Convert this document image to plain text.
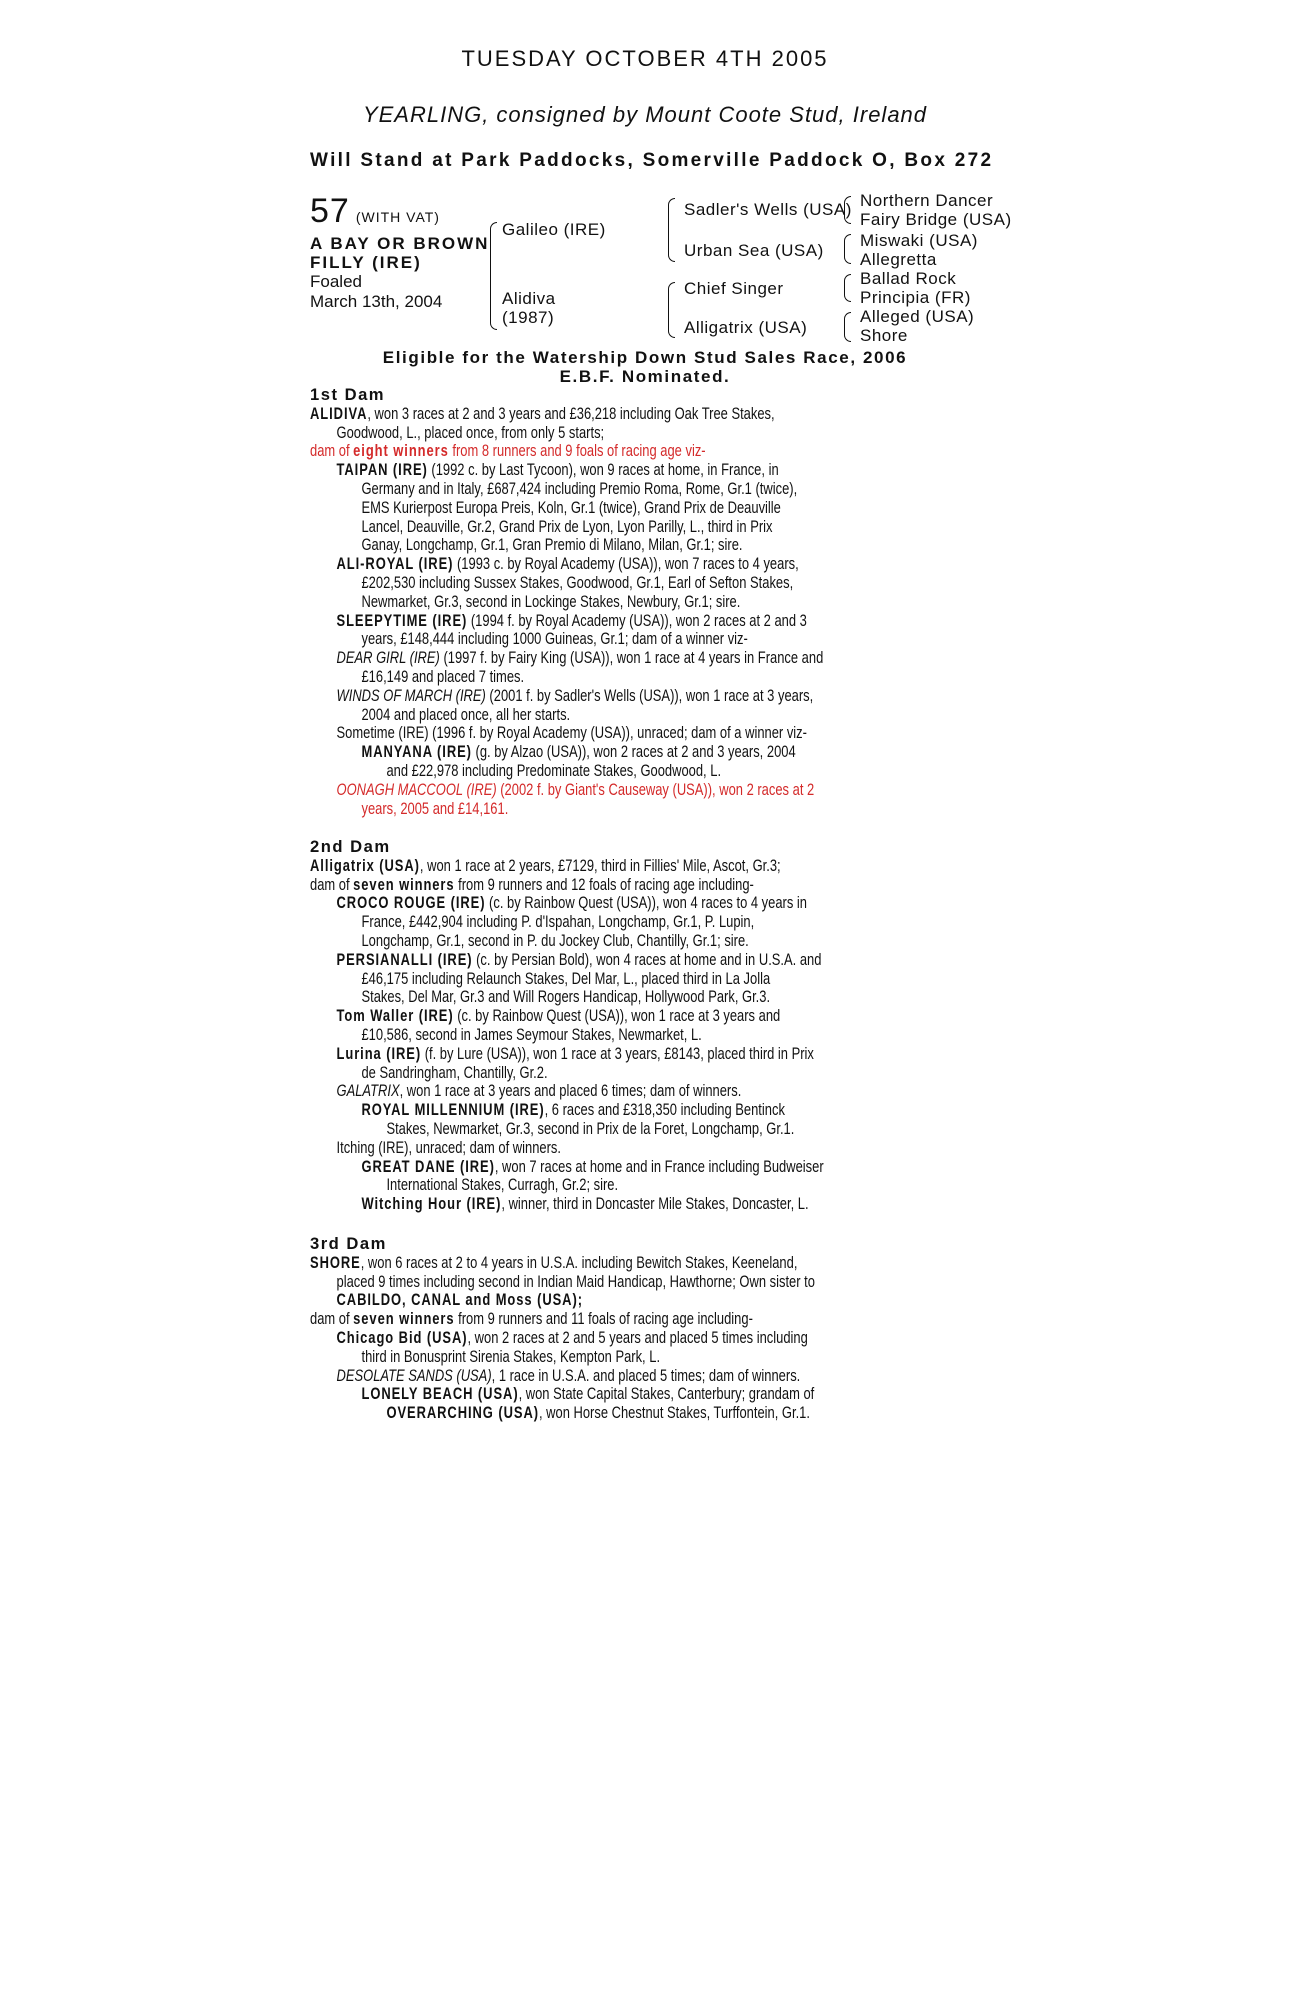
TUESDAY OCTOBER 4TH 2005
YEARLING, consigned by Mount Coote Stud, Ireland
Will Stand at Park Paddocks, Somerville Paddock O, Box 272
57 (WITH VAT)
A BAY OR BROWN
FILLY (IRE)
Foaled
March 13th, 2004
Galileo (IRE)
Alidiva
(1987)
Sadler's Wells (USA)
Urban Sea (USA)
Chief Singer
Alligatrix (USA)
Northern Dancer
Fairy Bridge (USA)
Miswaki (USA)
Allegretta
Ballad Rock
Principia (FR)
Alleged (USA)
Shore
Eligible for the Watership Down Stud Sales Race, 2006
E.B.F. Nominated.
1st Dam
ALIDIVA, won 3 races at 2 and 3 years and £36,218 including Oak Tree Stakes,
Goodwood, L., placed once, from only 5 starts;
dam of eight winners from 8 runners and 9 foals of racing age viz-
TAIPAN (IRE) (1992 c. by Last Tycoon), won 9 races at home, in France, in
Germany and in Italy, £687,424 including Premio Roma, Rome, Gr.1 (twice),
EMS Kurierpost Europa Preis, Koln, Gr.1 (twice), Grand Prix de Deauville
Lancel, Deauville, Gr.2, Grand Prix de Lyon, Lyon Parilly, L., third in Prix
Ganay, Longchamp, Gr.1, Gran Premio di Milano, Milan, Gr.1; sire.
ALI-ROYAL (IRE) (1993 c. by Royal Academy (USA)), won 7 races to 4 years,
£202,530 including Sussex Stakes, Goodwood, Gr.1, Earl of Sefton Stakes,
Newmarket, Gr.3, second in Lockinge Stakes, Newbury, Gr.1; sire.
SLEEPYTIME (IRE) (1994 f. by Royal Academy (USA)), won 2 races at 2 and 3
years, £148,444 including 1000 Guineas, Gr.1; dam of a winner viz-
DEAR GIRL (IRE) (1997 f. by Fairy King (USA)), won 1 race at 4 years in France and
£16,149 and placed 7 times.
WINDS OF MARCH (IRE) (2001 f. by Sadler's Wells (USA)), won 1 race at 3 years,
2004 and placed once, all her starts.
Sometime (IRE) (1996 f. by Royal Academy (USA)), unraced; dam of a winner viz-
MANYANA (IRE) (g. by Alzao (USA)), won 2 races at 2 and 3 years, 2004
and £22,978 including Predominate Stakes, Goodwood, L.
OONAGH MACCOOL (IRE) (2002 f. by Giant's Causeway (USA)), won 2 races at 2
years, 2005 and £14,161.
2nd Dam
Alligatrix (USA), won 1 race at 2 years, £7129, third in Fillies' Mile, Ascot, Gr.3;
dam of seven winners from 9 runners and 12 foals of racing age including-
CROCO ROUGE (IRE) (c. by Rainbow Quest (USA)), won 4 races to 4 years in
France, £442,904 including P. d'Ispahan, Longchamp, Gr.1, P. Lupin,
Longchamp, Gr.1, second in P. du Jockey Club, Chantilly, Gr.1; sire.
PERSIANALLI (IRE) (c. by Persian Bold), won 4 races at home and in U.S.A. and
£46,175 including Relaunch Stakes, Del Mar, L., placed third in La Jolla
Stakes, Del Mar, Gr.3 and Will Rogers Handicap, Hollywood Park, Gr.3.
Tom Waller (IRE) (c. by Rainbow Quest (USA)), won 1 race at 3 years and
£10,586, second in James Seymour Stakes, Newmarket, L.
Lurina (IRE) (f. by Lure (USA)), won 1 race at 3 years, £8143, placed third in Prix
de Sandringham, Chantilly, Gr.2.
GALATRIX, won 1 race at 3 years and placed 6 times; dam of winners.
ROYAL MILLENNIUM (IRE), 6 races and £318,350 including Bentinck
Stakes, Newmarket, Gr.3, second in Prix de la Foret, Longchamp, Gr.1.
Itching (IRE), unraced; dam of winners.
GREAT DANE (IRE), won 7 races at home and in France including Budweiser
International Stakes, Curragh, Gr.2; sire.
Witching Hour (IRE), winner, third in Doncaster Mile Stakes, Doncaster, L.
3rd Dam
SHORE, won 6 races at 2 to 4 years in U.S.A. including Bewitch Stakes, Keeneland,
placed 9 times including second in Indian Maid Handicap, Hawthorne; Own sister to
CABILDO, CANAL and Moss (USA);
dam of seven winners from 9 runners and 11 foals of racing age including-
Chicago Bid (USA), won 2 races at 2 and 5 years and placed 5 times including
third in Bonusprint Sirenia Stakes, Kempton Park, L.
DESOLATE SANDS (USA), 1 race in U.S.A. and placed 5 times; dam of winners.
LONELY BEACH (USA), won State Capital Stakes, Canterbury; grandam of
OVERARCHING (USA), won Horse Chestnut Stakes, Turffontein, Gr.1.
